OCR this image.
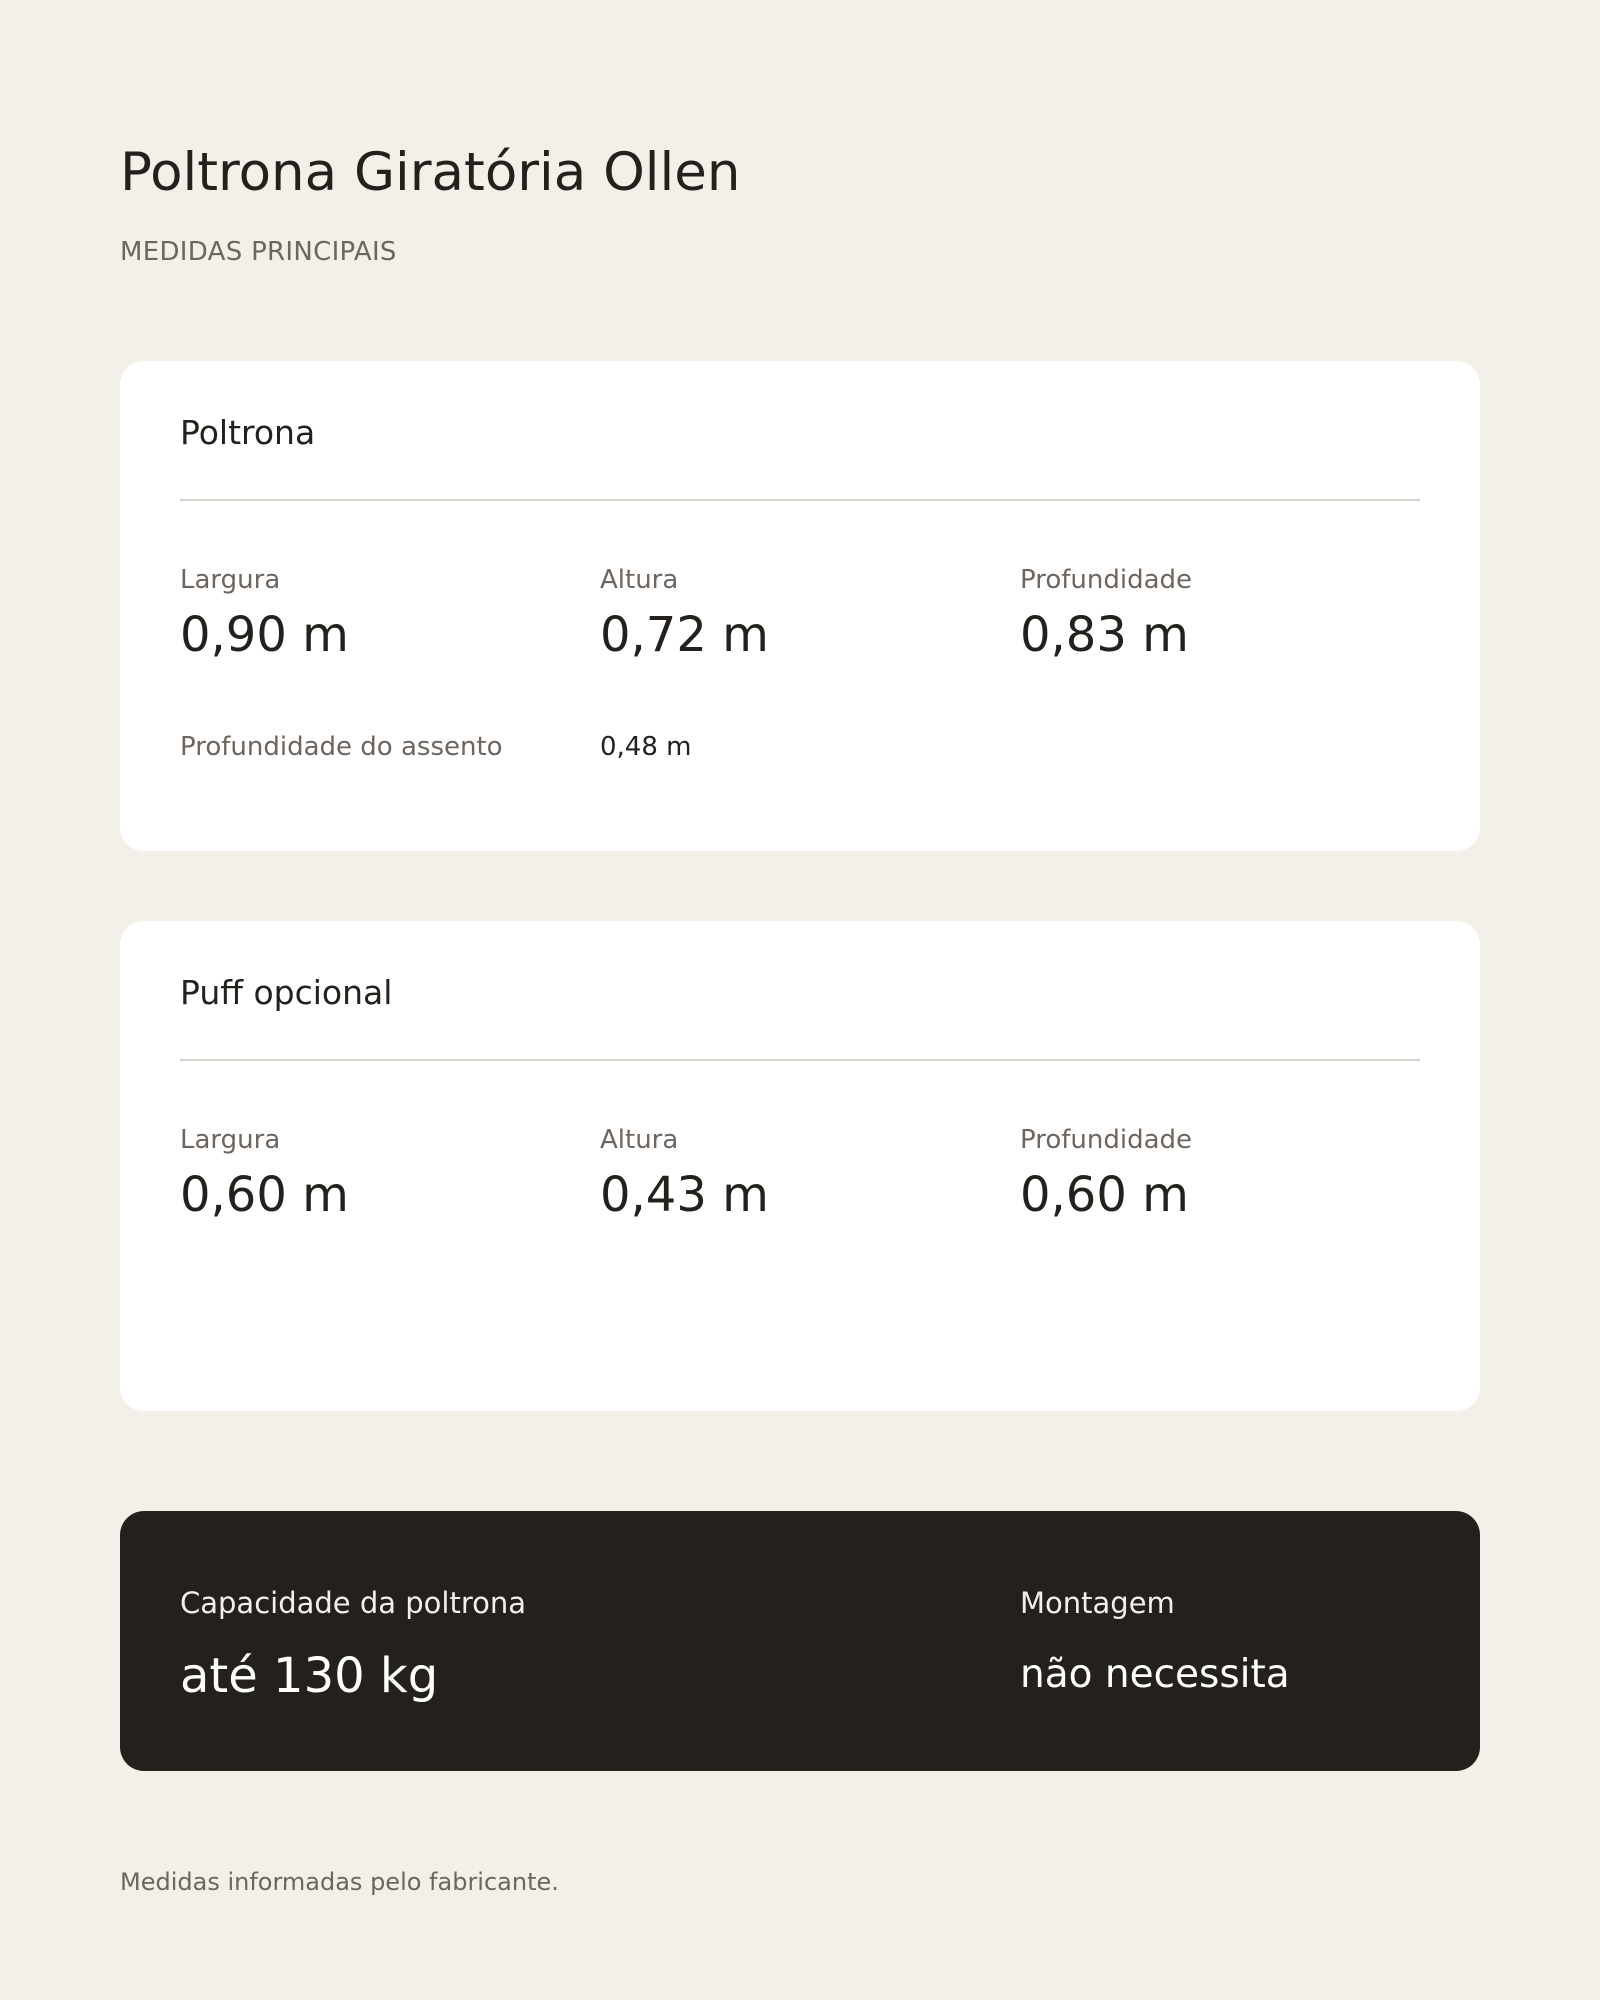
Poltrona Giratória Ollen
MEDIDAS PRINCIPAIS
Poltrona
Largura
0,90 m
Altura
0,72 m
Profundidade
0,83 m
Profundidade do assento	0,48 m
Puff opcional
Largura
0,60 m
Altura
0,43 m
Profundidade
0,60 m
Capacidade da poltrona
até 130 kg
Montagem
não necessita
Medidas informadas pelo fabricante.
